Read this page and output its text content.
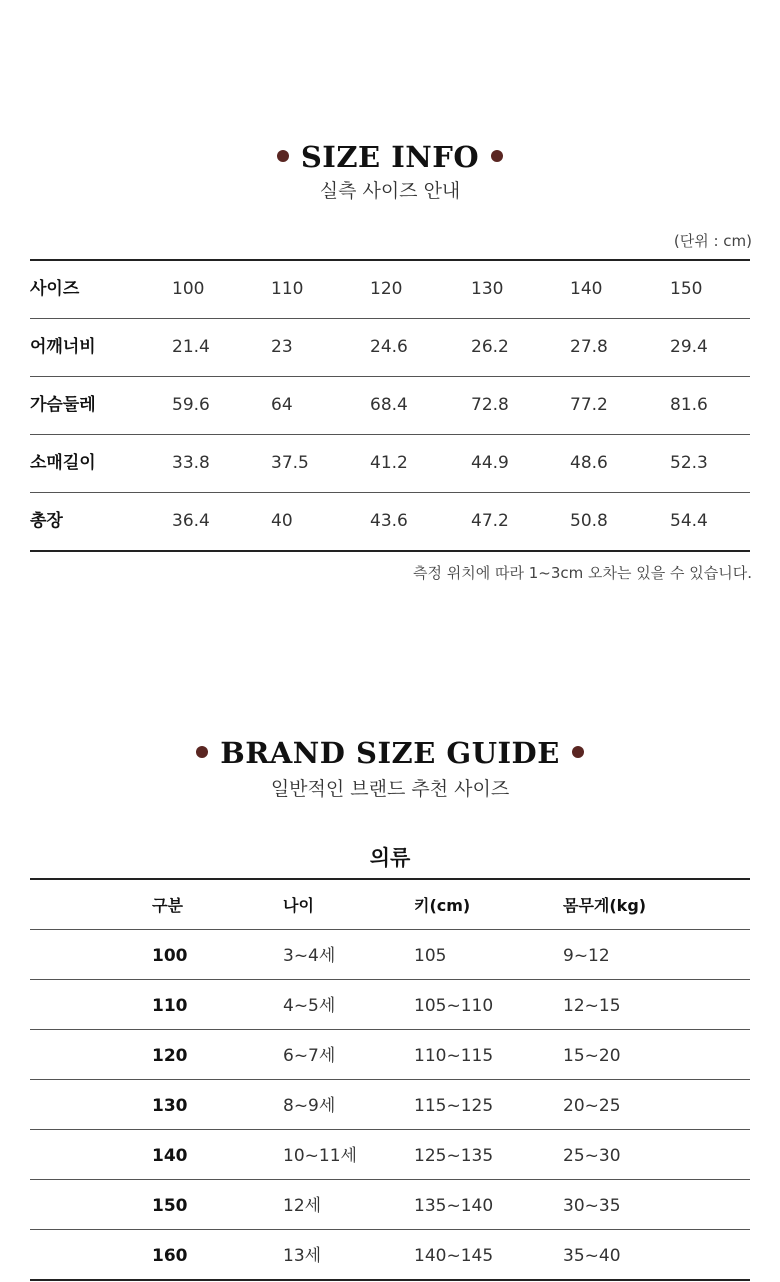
SIZE INFO
실측 사이즈 안내
(단위 : cm)
사이즈	100	110	120	130	140	150
어깨너비	21.4	23	24.6	26.2	27.8	29.4
가슴둘레	59.6	64	68.4	72.8	77.2	81.6
소매길이	33.8	37.5	41.2	44.9	48.6	52.3
총장	36.4	40	43.6	47.2	50.8	54.4
측정 위치에 따라 1~3cm 오차는 있을 수 있습니다.
BRAND SIZE GUIDE
일반적인 브랜드 추천 사이즈
의류
구분	나이	키(cm)	몸무게(kg)
100	3~4세	105	9~12
110	4~5세	105~110	12~15
120	6~7세	110~115	15~20
130	8~9세	115~125	20~25
140	10~11세	125~135	25~30
150	12세	135~140	30~35
160	13세	140~145	35~40
